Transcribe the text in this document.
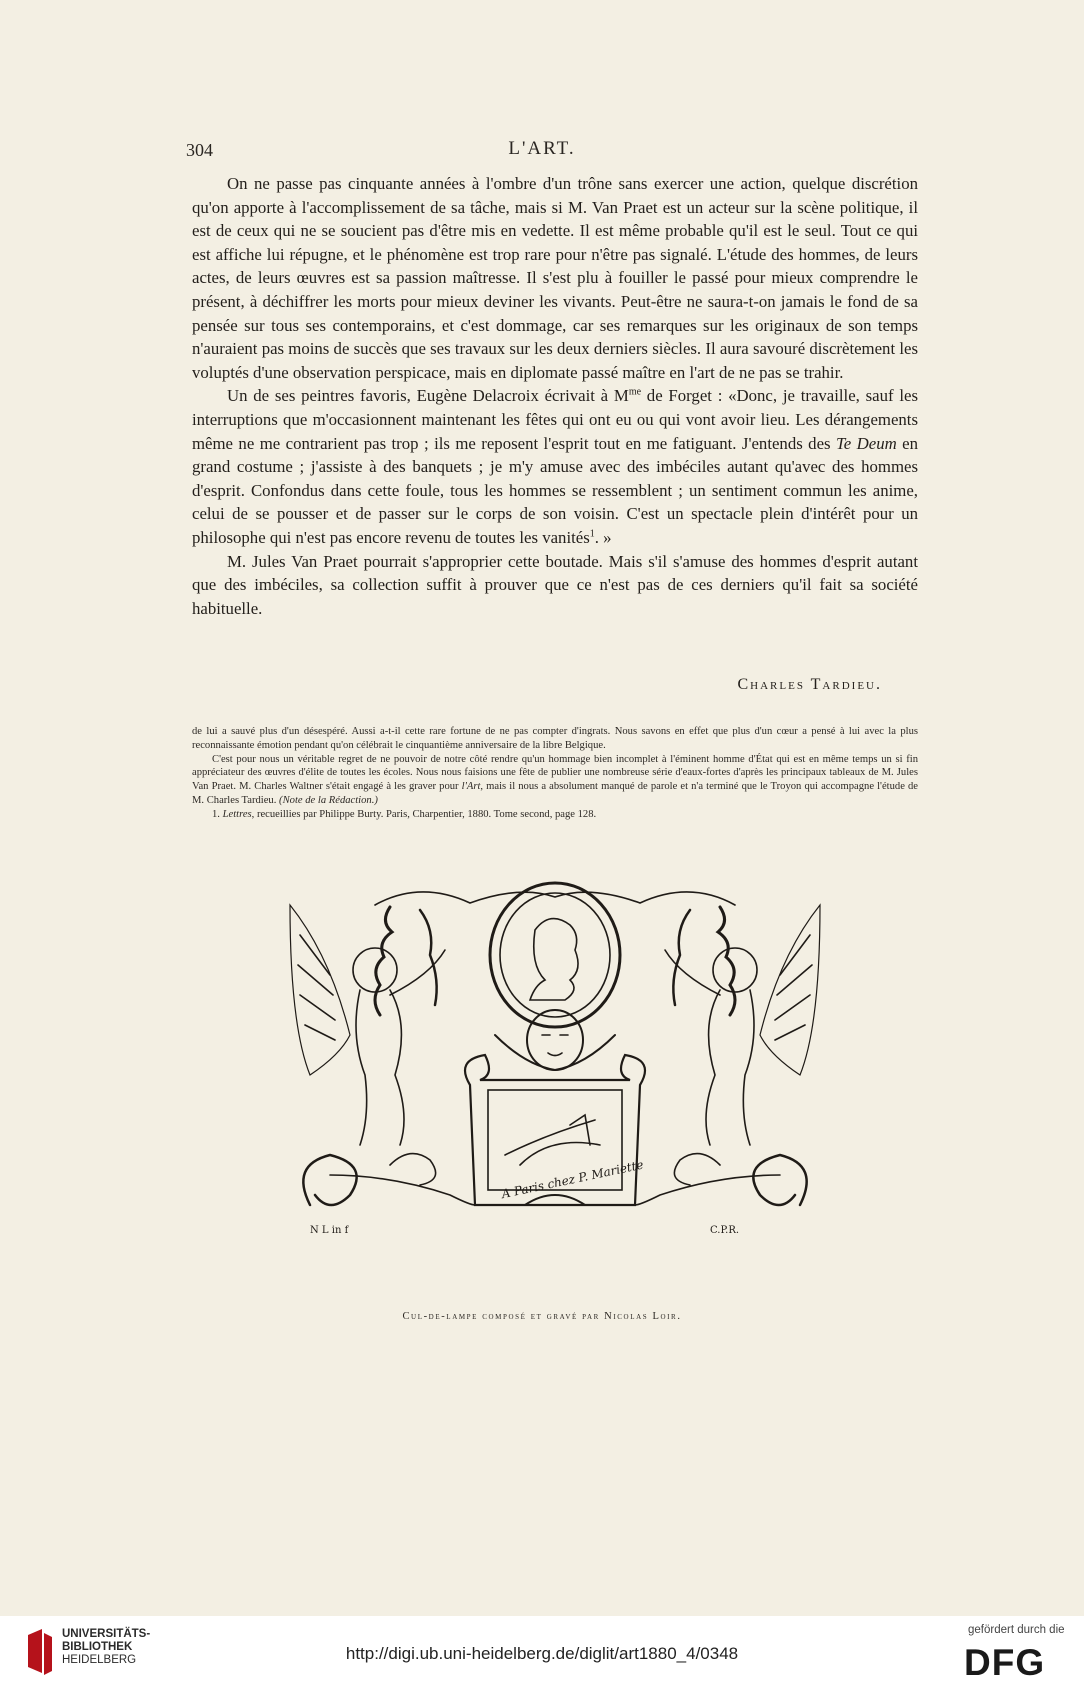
304	L'ART.

On ne passe pas cinquante années à l'ombre d'un trône sans exercer une action, quelque discrétion qu'on apporte à l'accomplissement de sa tâche, mais si M. Van Praet est un acteur sur la scène politique, il est de ceux qui ne se soucient pas d'être mis en vedette. Il est même probable qu'il est le seul. Tout ce qui est affiche lui répugne, et le phénomène est trop rare pour n'être pas signalé. L'étude des hommes, de leurs actes, de leurs œuvres est sa passion maîtresse. Il s'est plu à fouiller le passé pour mieux comprendre le présent, à déchiffrer les morts pour mieux deviner les vivants. Peut-être ne saura-t-on jamais le fond de sa pensée sur tous ses contemporains, et c'est dommage, car ses remarques sur les originaux de son temps n'auraient pas moins de succès que ses travaux sur les deux derniers siècles. Il aura savouré discrètement les voluptés d'une observation perspicace, mais en diplomate passé maître en l'art de ne pas se trahir.

Un de ses peintres favoris, Eugène Delacroix écrivait à $M^{me}$ de Forget : «Donc, je travaille, sauf les interruptions que m'occasionnent maintenant les fêtes qui ont eu ou qui vont avoir lieu. Les dérangements même ne me contrarient pas trop ; ils me reposent l'esprit tout en me fatiguant. J'entends des Te Deum en grand costume ; j'assiste à des banquets ; je m'y amuse avec des imbéciles autant qu'avec des hommes d'esprit. Confondus dans cette foule, tous les hommes se ressemblent ; un sentiment commun les anime, celui de se pousser et de passer sur le corps de son voisin. C'est un spectacle plein d'intérêt pour un philosophe qui n'est pas encore revenu de toutes les vanités$^1$. »

M. Jules Van Praet pourrait s'approprier cette boutade. Mais s'il s'amuse des hommes d'esprit autant que des imbéciles, sa collection suffit à prouver que ce n'est pas de ces derniers qu'il fait sa société habituelle.

Charles Tardieu.

de lui a sauvé plus d'un désespéré. Aussi a-t-il cette rare fortune de ne pas compter d'ingrats. Nous savons en effet que plus d'un cœur a pensé à lui avec la plus reconnaissante émotion pendant qu'on célébrait le cinquantième anniversaire de la libre Belgique.

C'est pour nous un véritable regret de ne pouvoir de notre côté rendre qu'un hommage bien incomplet à l'éminent homme d'État qui est en même temps un si fin appréciateur des œuvres d'élite de toutes les écoles. Nous nous faisions une fête de publier une nombreuse série d'eaux-fortes d'après les principaux tableaux de M. Jules Van Praet. M. Charles Waltner s'était engagé à les graver pour l'Art, mais il nous a absolument manqué de parole et n'a terminé que le Troyon qui accompagne l'étude de M. Charles Tardieu. (Note de la Rédaction.)

1. Lettres, recueillies par Philippe Burty. Paris, Charpentier, 1880. Tome second, page 128.

A Paris chez P. Mariette
N L in f	C.P.R.
Cul-de-lampe composé et gravé par Nicolas Loir.
UNIVERSITÄTS-
BIBLIOTHEK
HEIDELBERG	http://digi.ub.uni-heidelberg.de/diglit/art1880_4/0348
gefördert durch die
DFG
